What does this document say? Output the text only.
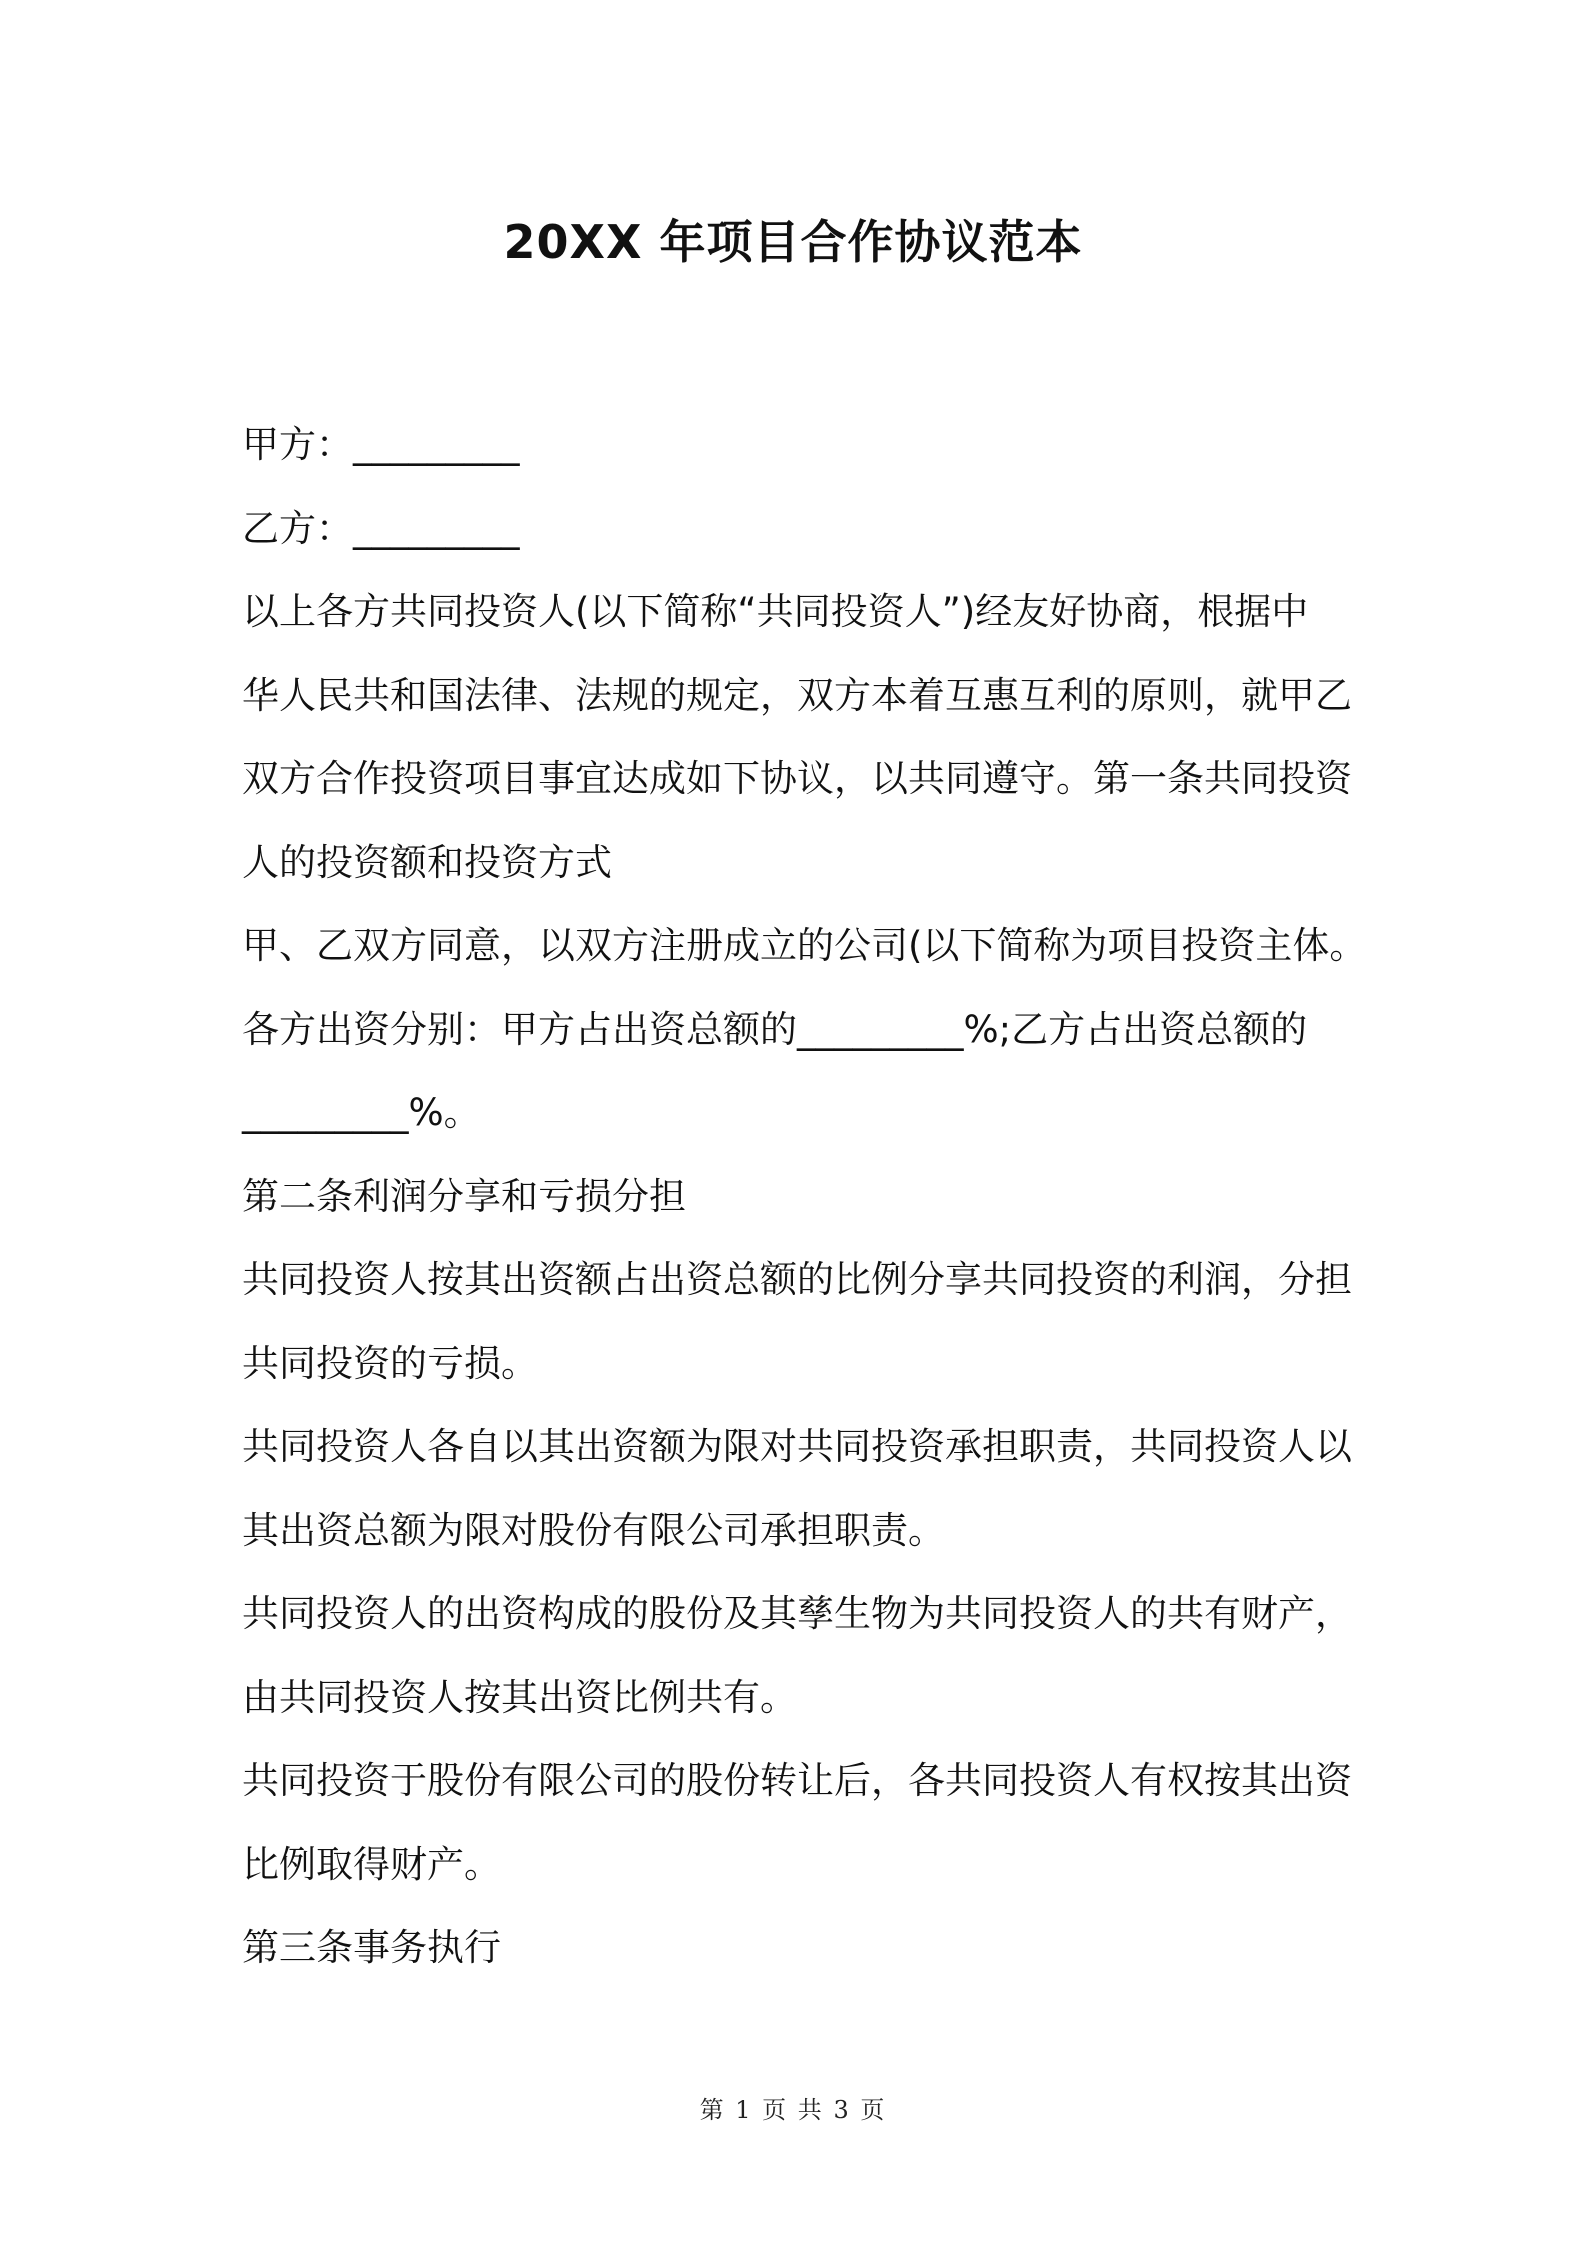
20XX 年项目合作协议范本

甲方：_________

乙方：_________

以上各方共同投资人(以下简称“共同投资人”)经友好协商，根据中

华人民共和国法律、法规的规定，双方本着互惠互利的原则，就甲乙

双方合作投资项目事宜达成如下协议，以共同遵守。第一条共同投资

人的投资额和投资方式

甲、乙双方同意，以双方注册成立的公司(以下简称为项目投资主体。

各方出资分别：甲方占出资总额的_________%;乙方占出资总额的

_________%。

第二条利润分享和亏损分担

共同投资人按其出资额占出资总额的比例分享共同投资的利润，分担

共同投资的亏损。

共同投资人各自以其出资额为限对共同投资承担职责，共同投资人以

其出资总额为限对股份有限公司承担职责。

共同投资人的出资构成的股份及其孳生物为共同投资人的共有财产，

由共同投资人按其出资比例共有。

共同投资于股份有限公司的股份转让后，各共同投资人有权按其出资

比例取得财产。

第三条事务执行

第 1 页 共 3 页
